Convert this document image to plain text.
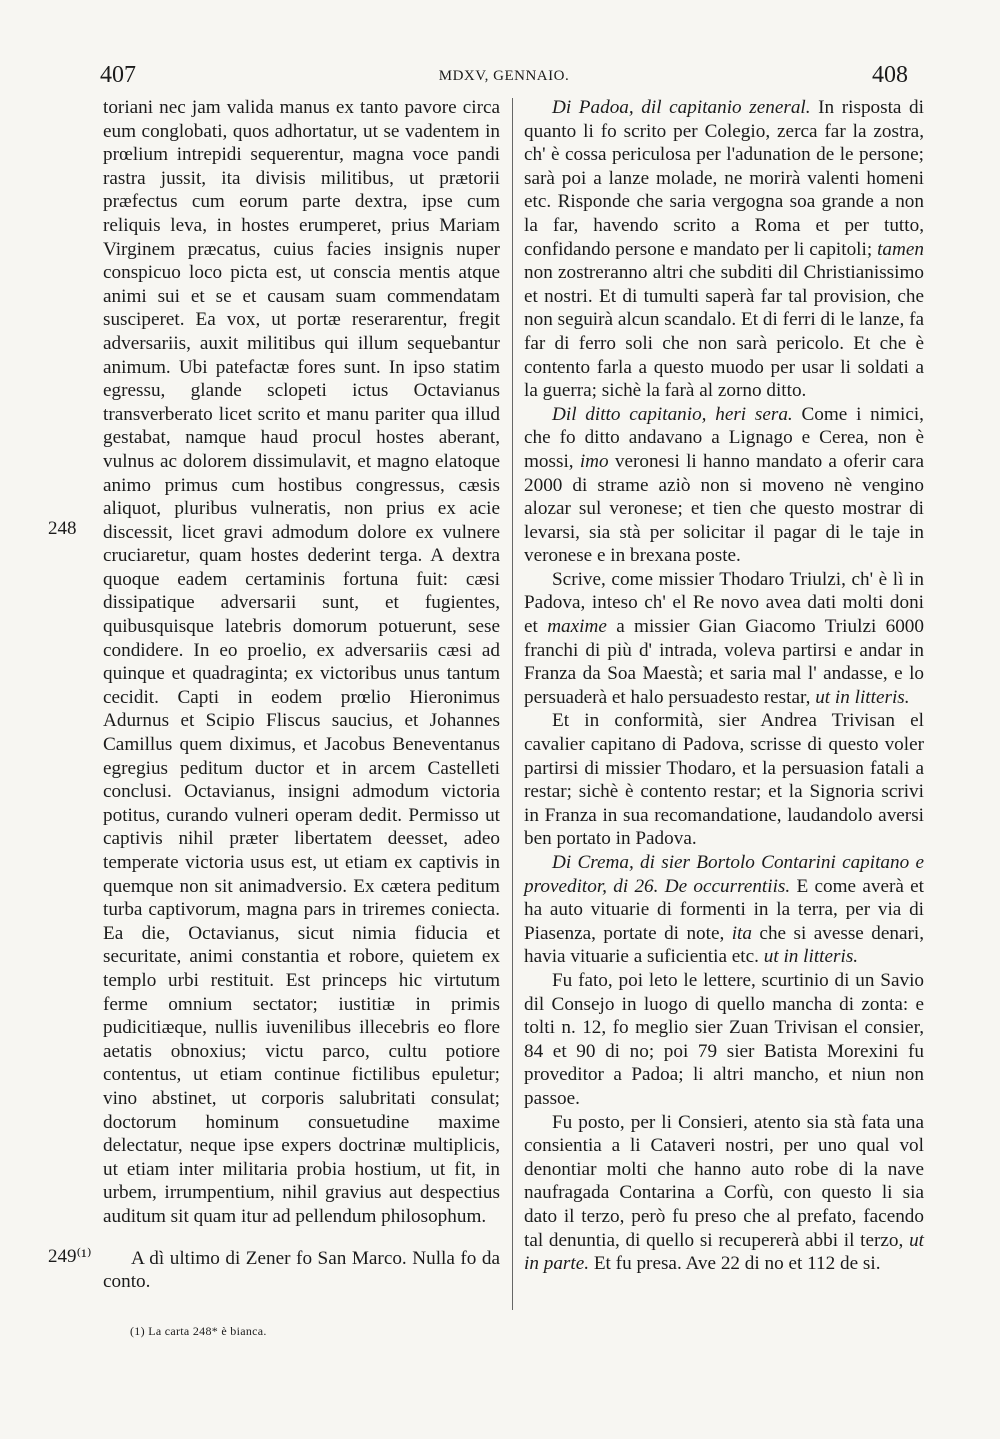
407	MDXV, GENNAIO.	408
248
249⁽¹⁾

toriani nec jam valida manus ex tanto pavore circa eum conglobati, quos adhortatur, ut se vadentem in prœlium intrepidi sequerentur, magna voce pandi rastra jussit, ita divisis militibus, ut prætorii præfectus cum eorum parte dextra, ipse cum reliquis leva, in hostes erumperet, prius Mariam Virginem præcatus, cuius facies insignis nuper conspicuo loco picta est, ut conscia mentis atque animi sui et se et causam suam commendatam susciperet. Ea vox, ut portæ reserarentur, fregit adversariis, auxit militibus qui illum sequebantur animum. Ubi patefactæ fores sunt. In ipso statim egressu, glande sclopeti ictus Octavianus transverberato licet scrito et manu pariter qua illud gestabat, namque haud procul hostes aberant, vulnus ac dolorem dissimulavit, et magno elatoque animo primus cum hostibus congressus, cæsis aliquot, pluribus vulneratis, non prius ex acie discessit, licet gravi admodum dolore ex vulnere cruciaretur, quam hostes dederint terga. A dextra quoque eadem certaminis fortuna fuit: cæsi dissipatique adversarii sunt, et fugientes, quibusquisque latebris domorum potuerunt, sese condidere. In eo proelio, ex adversariis cæsi ad quinque et quadraginta; ex victoribus unus tantum cecidit. Capti in eodem prœlio Hieronimus Adurnus et Scipio Fliscus saucius, et Johannes Camillus quem diximus, et Jacobus Beneventanus egregius peditum ductor et in arcem Castelleti conclusi. Octavianus, insigni admodum victoria potitus, curando vulneri operam dedit. Permisso ut captivis nihil præter libertatem deesset, adeo temperate victoria usus est, ut etiam ex captivis in quemque non sit animadversio. Ex cætera peditum turba captivorum, magna pars in triremes coniecta. Ea die, Octavianus, sicut nimia fiducia et securitate, animi constantia et robore, quietem ex templo urbi restituit. Est princeps hic virtutum ferme omnium sectator; iustitiæ in primis pudicitiæque, nullis iuvenilibus illecebris eo flore aetatis obnoxius; victu parco, cultu potiore contentus, ut etiam continue fictilibus epuletur; vino abstinet, ut corporis salubritati consulat; doctorum hominum consuetudine maxime delectatur, neque ipse expers doctrinæ multiplicis, ut etiam inter militaria probia hostium, ut fit, in urbem, irrumpentium, nihil gravius aut despectius auditum sit quam itur ad pellendum philosophum.

A dì ultimo di Zener fo San Marco. Nulla fo da conto.

(1) La carta 248* è bianca.

Di Padoa, dil capitanio zeneral. In risposta di quanto li fo scrito per Colegio, zerca far la zostra, ch' è cossa periculosa per l'adunation de le persone; sarà poi a lanze molade, ne morirà valenti homeni etc. Risponde che saria vergogna soa grande a non la far, havendo scrito a Roma et per tutto, confidando persone e mandato per li capitoli; tamen non zostreranno altri che subditi dil Christianissimo et nostri. Et di tumulti saperà far tal provision, che non seguirà alcun scandalo. Et di ferri di le lanze, fa far di ferro soli che non sarà pericolo. Et che è contento farla a questo muodo per usar li soldati a la guerra; sichè la farà al zorno ditto.

Dil ditto capitanio, heri sera. Come i nimici, che fo ditto andavano a Lignago e Cerea, non è mossi, imo veronesi li hanno mandato a oferir cara 2000 di strame aziò non si moveno nè vengino alozar sul veronese; et tien che questo mostrar di levarsi, sia stà per solicitar il pagar di le taje in veronese e in brexana poste.

Scrive, come missier Thodaro Triulzi, ch' è lì in Padova, inteso ch' el Re novo avea dati molti doni et maxime a missier Gian Giacomo Triulzi 6000 franchi di più d' intrada, voleva partirsi e andar in Franza da Soa Maestà; et saria mal l' andasse, e lo persuaderà et halo persuadesto restar, ut in litteris.

Et in conformità, sier Andrea Trivisan el cavalier capitano di Padova, scrisse di questo voler partirsi di missier Thodaro, et la persuasion fatali a restar; sichè è contento restar; et la Signoria scrivi in Franza in sua recomandatione, laudandolo aversi ben portato in Padova.

Di Crema, di sier Bortolo Contarini capitano e proveditor, di 26. De occurrentiis. E come averà et ha auto vituarie di formenti in la terra, per via di Piasenza, portate di note, ita che si avesse denari, havia vituarie a suficientia etc. ut in litteris.

Fu fato, poi leto le lettere, scurtinio di un Savio dil Consejo in luogo di quello mancha di zonta: e tolti n. 12, fo meglio sier Zuan Trivisan el consier, 84 et 90 di no; poi 79 sier Batista Morexini fu proveditor a Padoa; li altri mancho, et niun non passoe.

Fu posto, per li Consieri, atento sia stà fata una consientia a li Cataveri nostri, per uno qual vol denontiar molti che hanno auto robe di la nave naufragada Contarina a Corfù, con questo li sia dato il terzo, però fu preso che al prefato, facendo tal denuntia, di quello si recupererà abbi il terzo, ut in parte. Et fu presa. Ave 22 di no et 112 de si.
